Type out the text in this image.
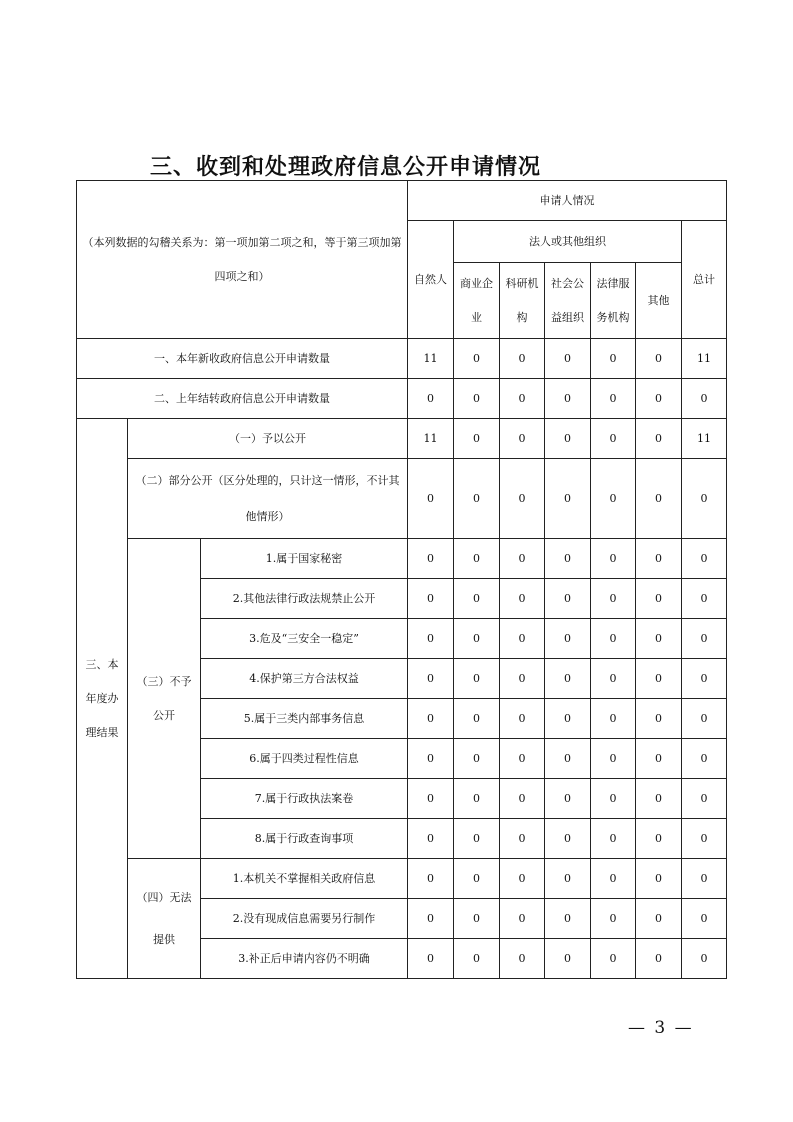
三、收到和处理政府信息公开申请情况
（本列数据的勾稽关系为：第一项加第二项之和，等于第三项加第四项之和）			申请人情况						
			自然人	法人或其他组织					总计
				商业企业	科研机构	社会公益组织	法律服务机构	其他	
一、本年新收政府信息公开申请数量			11	0	0	0	0	0	11
二、上年结转政府信息公开申请数量			0	0	0	0	0	0	0
三、本年度办理结果	（一）予以公开		11	0	0	0	0	0	11
	（二）部分公开（区分处理的，只计这一情形，不计其他情形）		0	0	0	0	0	0	0
	（三）不予公开	1.属于国家秘密	0	0	0	0	0	0	0
		2.其他法律行政法规禁止公开	0	0	0	0	0	0	0
		3.危及“三安全一稳定”	0	0	0	0	0	0	0
		4.保护第三方合法权益	0	0	0	0	0	0	0
		5.属于三类内部事务信息	0	0	0	0	0	0	0
		6.属于四类过程性信息	0	0	0	0	0	0	0
		7.属于行政执法案卷	0	0	0	0	0	0	0
		8.属于行政查询事项	0	0	0	0	0	0	0
	（四）无法提供	1.本机关不掌握相关政府信息	0	0	0	0	0	0	0
		2.没有现成信息需要另行制作	0	0	0	0	0	0	0
		3.补正后申请内容仍不明确	0	0	0	0	0	0	0
— 3 —
